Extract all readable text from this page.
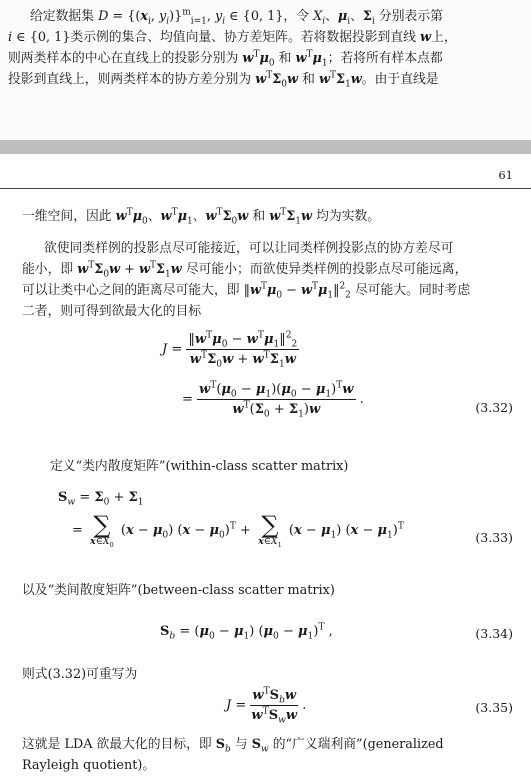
给定数据集 $D = \{(x_i$, $y_i)\}^m_{i=1}$, $y_i$ ∈ {0, 1}，令 $X_i$、$\mu_i$、$\Sigma_i$ 分别表示第
i ∈ {0, 1}类示例的集合、均值向量、协方差矩阵。若将数据投影到直线 w上，
则两类样本的中心在直线上的投影分别为 $w^T\mu_0$ 和 $w^T\mu_1$；若将所有样本点都
投影到直线上，则两类样本的协方差分别为 $w^T\Sigma_0w$ 和 $w^T\Sigma_1w$。由于直线是
61
一维空间，因此 $w^T\mu_0$、$w^T\mu_1$、$w^T\Sigma_0w$ 和 $w^T\Sigma_1w$ 均为实数。
欲使同类样例的投影点尽可能接近，可以让同类样例投影点的协方差尽可
能小，即 $w^T\Sigma_0w + w^T\Sigma_1w$ 尽可能小；而欲使异类样例的投影点尽可能远离，
可以让类中心之间的距离尽可能大，即 $‖w^T\mu_0$ − $w^T\mu_1‖^2_2$ 尽可能大。同时考虑
二者，则可得到欲最大化的目标
$J = \frac{‖w^T\mu_0 - w^T\mu_1‖^2_2}{w^T\Sigma_0w + w^T\Sigma_1w}$
= $\frac{w^T(\mu_0 - \mu_1)(\mu_0 - \mu_1)^Tw}{w^T(\Sigma_0 + \Sigma_1)w}$ .
(3.32)
定义“类内散度矩阵”(within-class scatter matrix)
$S_w = \Sigma_0 + \Sigma_1$
= ∑
$x\in X_0$
$(x - \mu_0)$ $(x - \mu_0)^T$ + ∑
$x\in X_1$
$(x - \mu_1)$ $(x - \mu_1)^T$
(3.33)
以及“类间散度矩阵”(between-class scatter matrix)
$S_b = (\mu_0 - \mu_1) (\mu_0 - \mu_1)^T$ ,	(3.34)
则式(3.32)可重写为
$J = \frac{w^TS_bw}{w^TS_ww}$ .	(3.35)
这就是 LDA 欲最大化的目标，即 $S_b$ 与 $S_w$ 的“广义瑞利商”(generalized
Rayleigh quotient)。
